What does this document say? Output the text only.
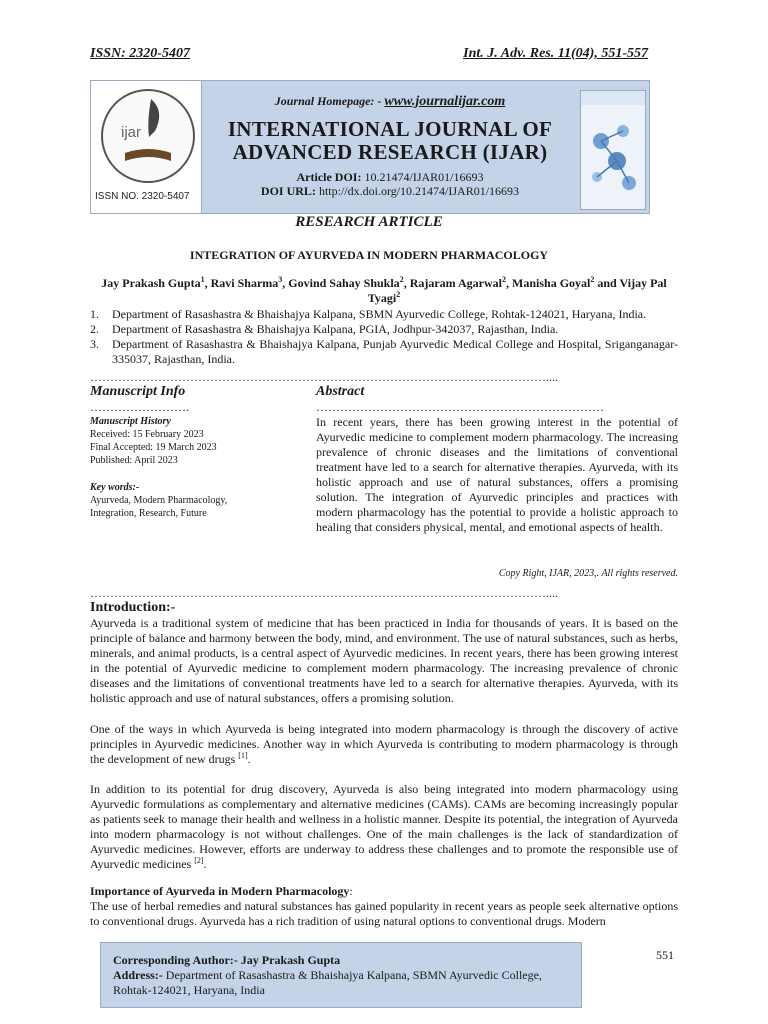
ISSN: 2320-5407	Int. J. Adv. Res. 11(04), 551-557
ijar
ISSN NO. 2320-5407
Journal Homepage: - www.journalijar.com
INTERNATIONAL JOURNAL OF
ADVANCED RESEARCH (IJAR)
Article DOI: 10.21474/IJAR01/16693
DOI URL: http://dx.doi.org/10.21474/IJAR01/16693
RESEARCH ARTICLE
INTEGRATION OF AYURVEDA IN MODERN PHARMACOLOGY
Jay Prakash Gupta$^1$, Ravi Sharma$^3$, Govind Sahay Shukla$^2$, Rajaram Agarwal$^2$, Manisha Goyal$^2$ and Vijay Pal Tyagi$^2$
1.	Department of Rasashastra & Bhaishajya Kalpana, SBMN Ayurvedic College, Rohtak-124021, Haryana, India.
2.	Department of Rasashastra & Bhaishajya Kalpana, PGIA, Jodhpur-342037, Rajasthan, India.
3.	Department of Rasashastra & Bhaishajya Kalpana, Punjab Ayurvedic Medical College and Hospital, Sriganganagar-335037, Rajasthan, India.
……………………………………………………………………………………………………....
Manuscript Info
…………………….
Manuscript History
Received: 15 February 2023
Final Accepted: 19 March 2023
Published: April 2023
Key words:-
Ayurveda, Modern Pharmacology, Integration, Research, Future
Abstract
………………………………………………………………
In recent years, there has been growing interest in the potential of Ayurvedic medicine to complement modern pharmacology. The increasing prevalence of chronic diseases and the limitations of conventional treatment have led to a search for alternative therapies. Ayurveda, with its holistic approach and use of natural substances, offers a promising solution. The integration of Ayurvedic principles and practices with modern pharmacology has the potential to provide a holistic approach to healing that considers physical, mental, and emotional aspects of health.
Copy Right, IJAR, 2023,. All rights reserved.
……………………………………………………………………………………………………....
Introduction:-
Ayurveda is a traditional system of medicine that has been practiced in India for thousands of years. It is based on the principle of balance and harmony between the body, mind, and environment. The use of natural substances, such as herbs, minerals, and animal products, is a central aspect of Ayurvedic medicines. In recent years, there has been growing interest in the potential of Ayurvedic medicine to complement modern pharmacology. The increasing prevalence of chronic diseases and the limitations of conventional treatments have led to a search for alternative therapies. Ayurveda, with its holistic approach and use of natural substances, offers a promising solution.
One of the ways in which Ayurveda is being integrated into modern pharmacology is through the discovery of active principles in Ayurvedic medicines. Another way in which Ayurveda is contributing to modern pharmacology is through the development of new drugs [1].
In addition to its potential for drug discovery, Ayurveda is also being integrated into modern pharmacology using Ayurvedic formulations as complementary and alternative medicines (CAMs). CAMs are becoming increasingly popular as patients seek to manage their health and wellness in a holistic manner. Despite its potential, the integration of Ayurveda into modern pharmacology is not without challenges. One of the main challenges is the lack of standardization of Ayurvedic medicines. However, efforts are underway to address these challenges and to promote the responsible use of Ayurvedic medicines [2].
Importance of Ayurveda in Modern Pharmacology:
The use of herbal remedies and natural substances has gained popularity in recent years as people seek alternative options to conventional drugs. Ayurveda has a rich tradition of using natural options to conventional drugs. Modern
Corresponding Author:- Jay Prakash Gupta
Address:- Department of Rasashastra & Bhaishajya Kalpana, SBMN Ayurvedic College, Rohtak-124021, Haryana, India
551
